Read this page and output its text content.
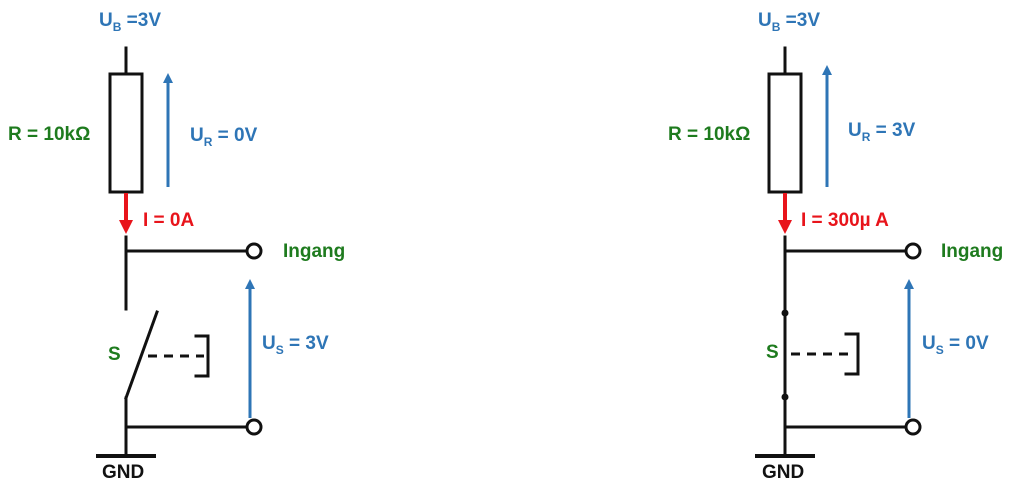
$U_B =3V$
R = 10kΩ	$U_R = 0V$
I = 0A
Ingang
S
$U_S = 3V$
GND
$U_B =3V$
R = 10kΩ	$U_R = 3V$
I = 300µ A
Ingang
S	$U_S = 0V$
GND
